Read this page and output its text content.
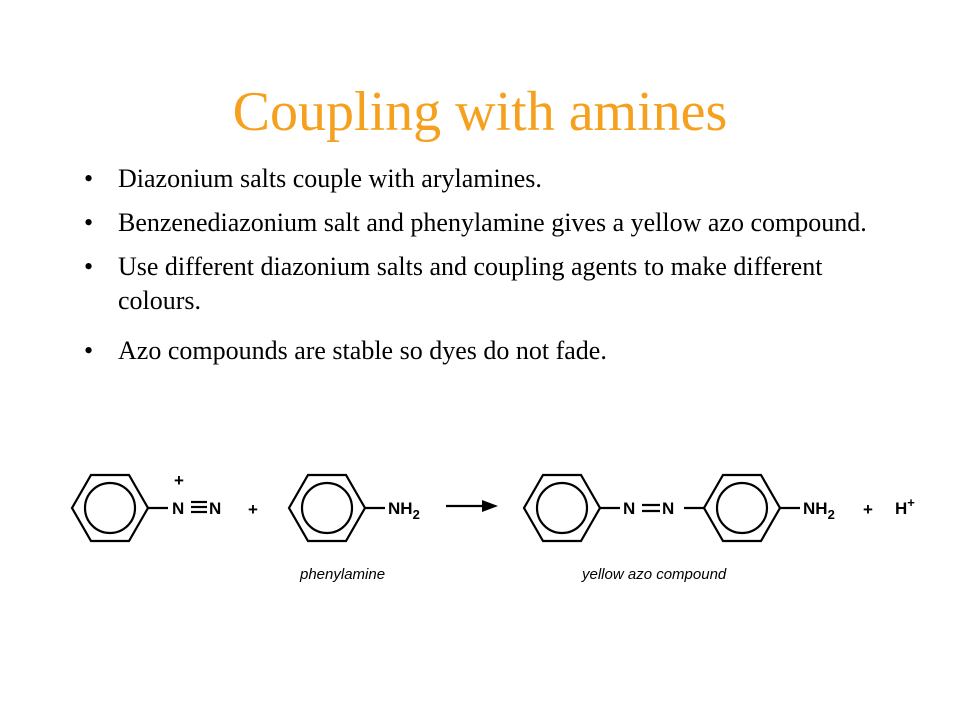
Coupling with amines
• Diazonium salts couple with arylamines.
• Benzenediazonium salt and phenylamine gives a yellow azo compound.
• Use different diazonium salts and coupling agents to make different colours.
• Azo compounds are stable so dyes do not fade.
+
N N +	$NH_2$	N N	$NH_2 + H^+$
phenylamine	yellow azo compound
